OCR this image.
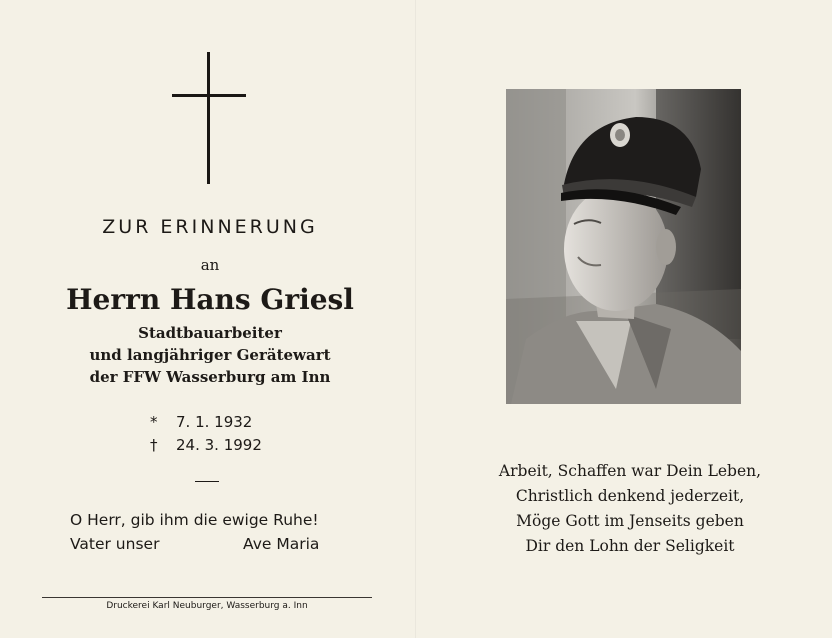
ZUR ERINNERUNG
an
Herrn Hans Griesl
Stadtbauarbeiter
und langjähriger Gerätewart
der FFW Wasserburg am Inn
* 7. 1. 1932
† 24. 3. 1992
O Herr, gib ihm die ewige Ruhe!
Vater unser	Ave Maria
Druckerei Karl Neuburger, Wasserburg a. Inn
Arbeit, Schaffen war Dein Leben,
Christlich denkend jederzeit,
Möge Gott im Jenseits geben
Dir den Lohn der Seligkeit
